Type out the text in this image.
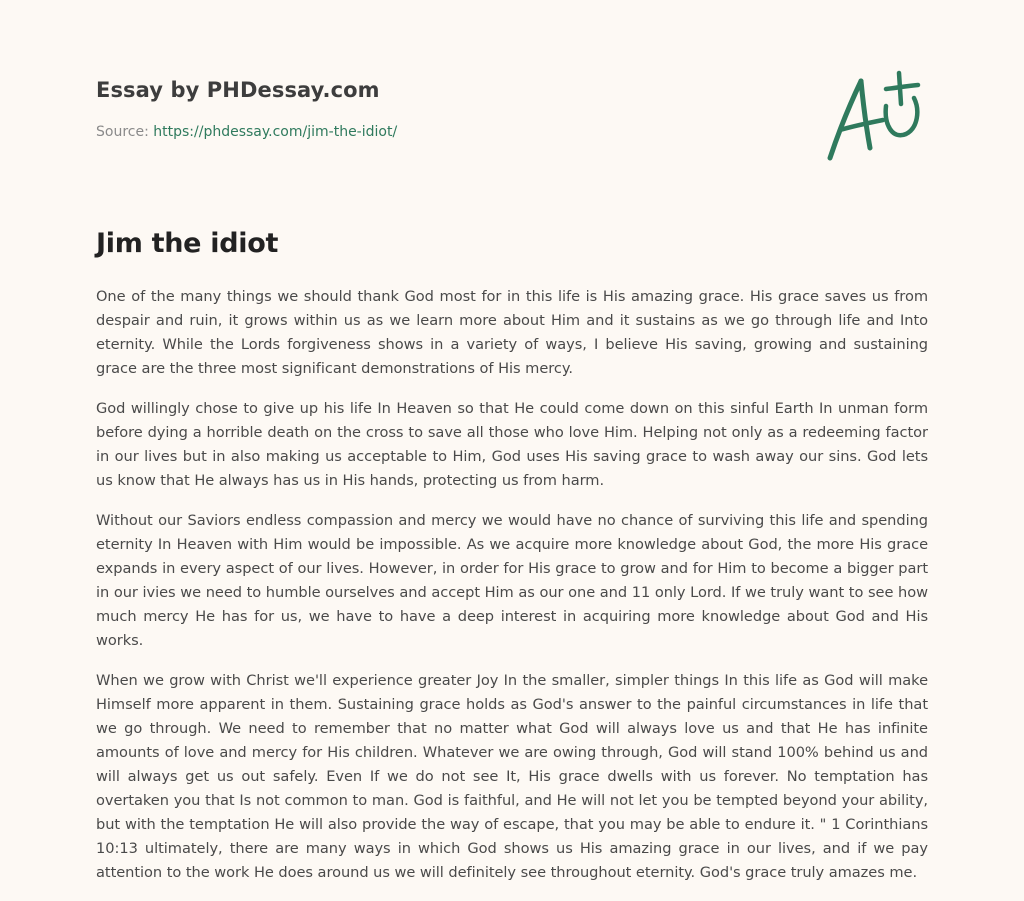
Essay by PHDessay.com
Source: https://phdessay.com/jim-the-idiot/
Jim the idiot

One of the many things we should thank God most for in this life is His amazing grace. His grace saves us from despair and ruin, it grows within us as we learn more about Him and it sustains as we go through life and Into eternity. While the Lords forgiveness shows in a variety of ways, I believe His saving, growing and sustaining grace are the three most significant demonstrations of His mercy.

God willingly chose to give up his life In Heaven so that He could come down on this sinful Earth In unman form before dying a horrible death on the cross to save all those who love Him. Helping not only as a redeeming factor in our lives but in also making us acceptable to Him, God uses His saving grace to wash away our sins. God lets us know that He always has us in His hands, protecting us from harm.

Without our Saviors endless compassion and mercy we would have no chance of surviving this life and spending eternity In Heaven with Him would be impossible. As we acquire more knowledge about God, the more His grace expands in every aspect of our lives. However, in order for His grace to grow and for Him to become a bigger part in our ivies we need to humble ourselves and accept Him as our one and 11 only Lord. If we truly want to see how much mercy He has for us, we have to have a deep interest in acquiring more knowledge about God and His works.

When we grow with Christ we'll experience greater Joy In the smaller, simpler things In this life as God will make Himself more apparent in them. Sustaining grace holds as God's answer to the painful circumstances in life that we go through. We need to remember that no matter what God will always love us and that He has infinite amounts of love and mercy for His children. Whatever we are owing through, God will stand 100% behind us and will always get us out safely. Even If we do not see It, His grace dwells with us forever. No temptation has overtaken you that Is not common to man. God is faithful, and He will not let you be tempted beyond your ability, but with the temptation He will also provide the way of escape, that you may be able to endure it. " 1 Corinthians 10:13 ultimately, there are many ways in which God shows us His amazing grace in our lives, and if we pay attention to the work He does around us we will definitely see throughout eternity. God's grace truly amazes me.
